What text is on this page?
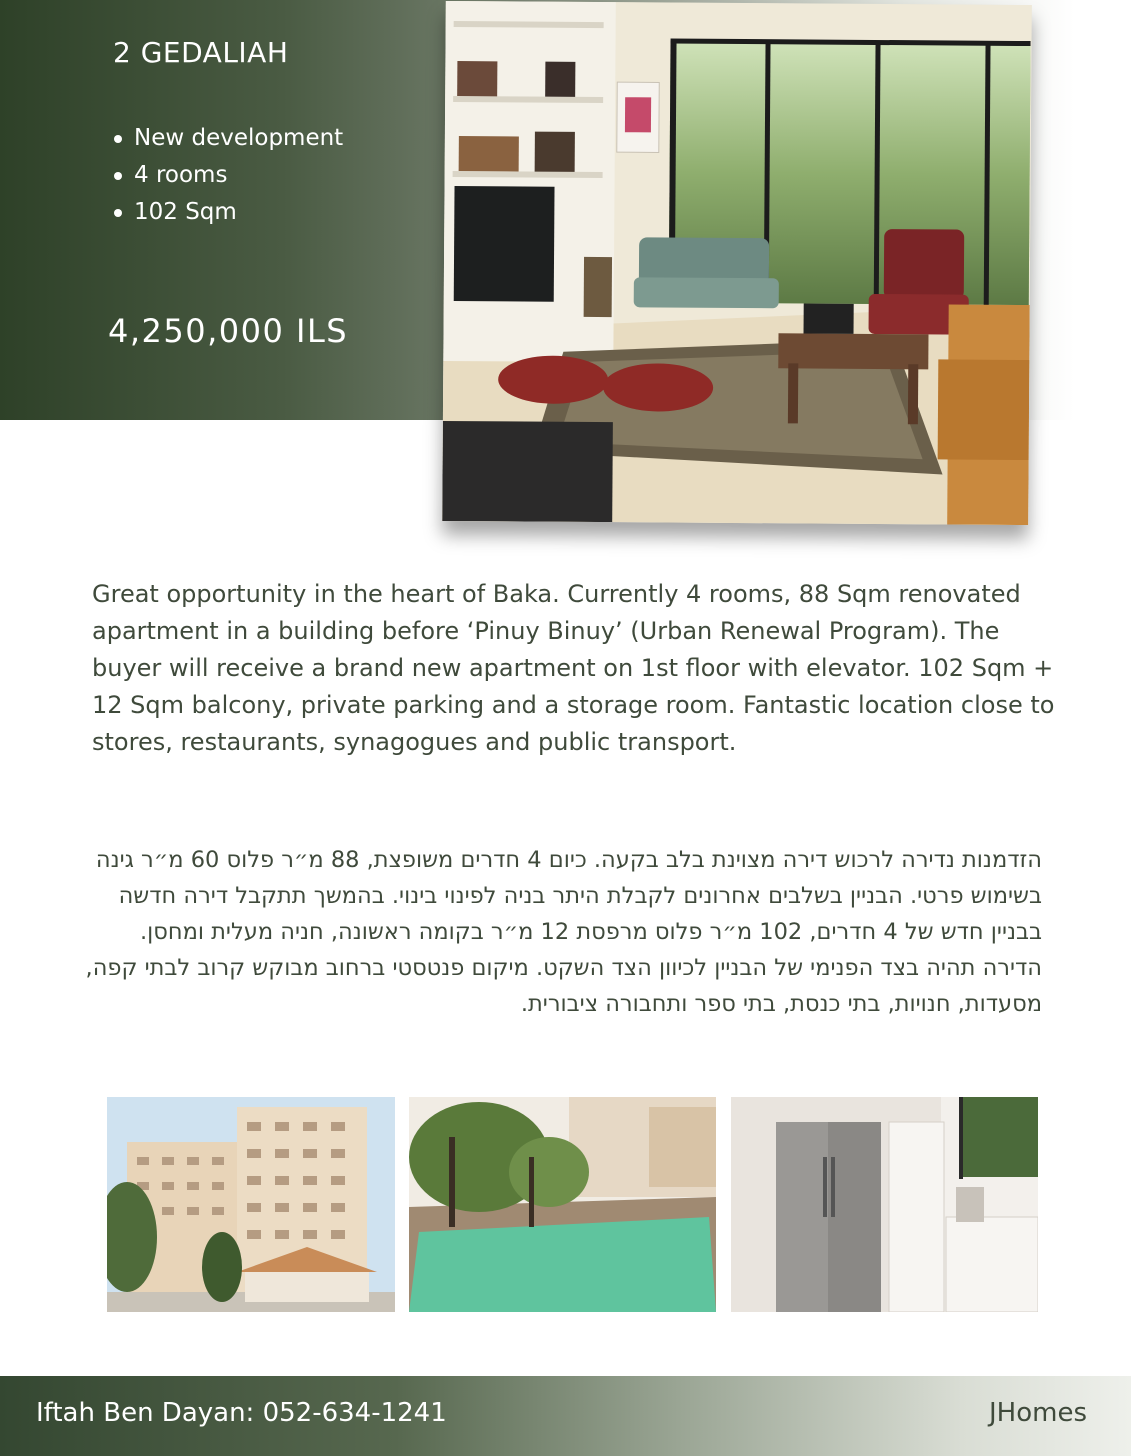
2 GEDALIAH
New development
4 rooms
102 Sqm
4,250,000 ILS

Great opportunity in the heart of Baka. Currently 4 rooms, 88 Sqm renovated apartment in a building before ‘Pinuy Binuy’ (Urban Renewal Program). The buyer will receive a brand new apartment on 1st floor with elevator. 102 Sqm + 12 Sqm balcony, private parking and a storage room. Fantastic location close to stores, restaurants, synagogues and public transport.

הזדמנות נדירה לרכוש דירה מצוינת בלב בקעה. כיום 4 חדרים משופצת, 88 מ״ר פלוס 60 מ״ר גינה בשימוש פרטי. הבניין בשלבים אחרונים לקבלת היתר בניה לפינוי בינוי. בהמשך תתקבל דירה חדשה בבניין חדש של 4 חדרים, 102 מ״ר פלוס מרפסת 12 מ״ר בקומה ראשונה, חניה מעלית ומחסן. הדירה תהיה בצד הפנימי של הבניין לכיוון הצד השקט. מיקום פנטסטי ברחוב מבוקש קרוב לבתי קפה, מסעדות, חנויות, בתי כנסת, בתי ספר ותחבורה ציבורית.

Iftah Ben Dayan: 052-634-1241	JHomes
